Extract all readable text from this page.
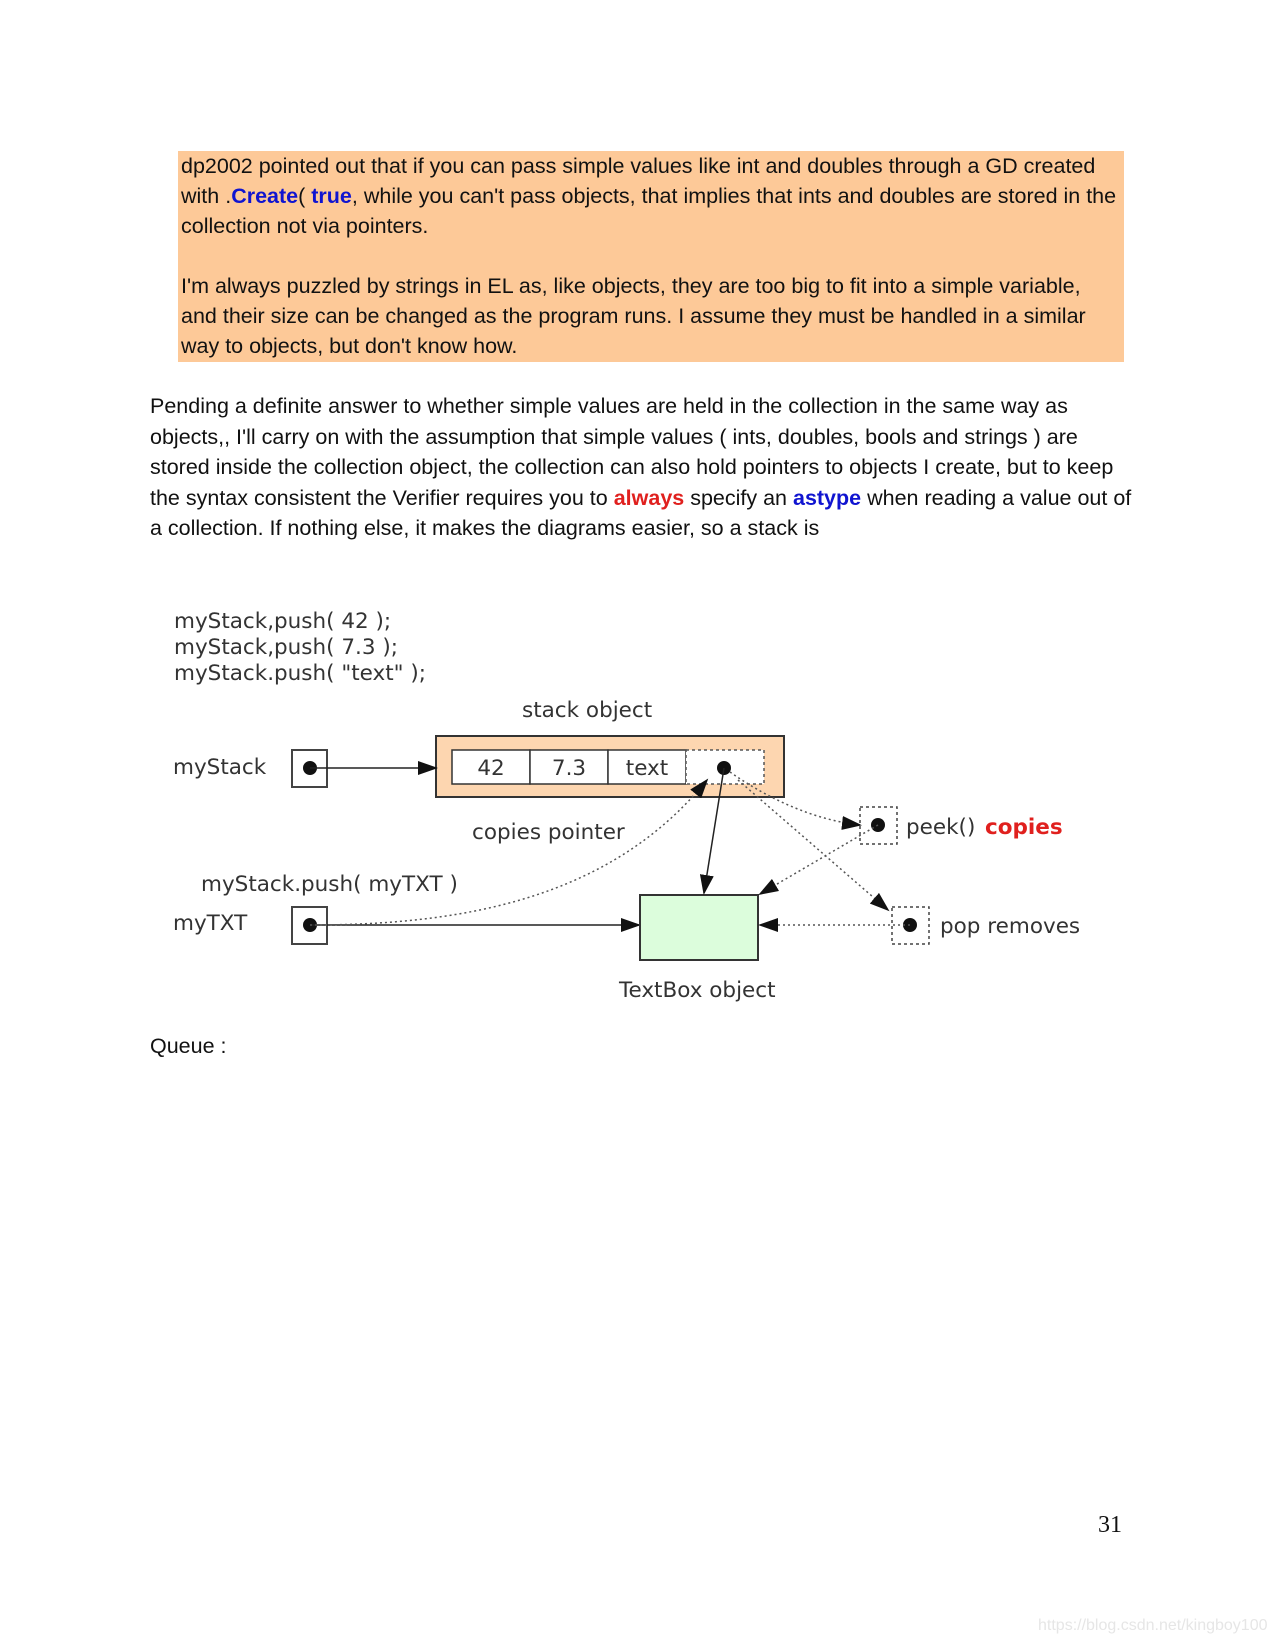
dp2002 pointed out that if you can pass simple values like int and doubles through a GD created with .Create( true, while you can't pass objects, that implies that ints and doubles are stored in the collection not via pointers.

I'm always puzzled by strings in EL as, like objects, they are too big to fit into a simple variable, and their size can be changed as the program runs. I assume they must be handled in a similar way to objects, but don't know how.

Pending a definite answer to whether simple values are held in the collection in the same way as objects,, I'll carry on with the assumption that simple values ( ints, doubles, bools and strings ) are stored inside the collection object, the collection can also hold pointers to objects I create, but to keep the syntax consistent the Verifier requires you to always specify an astype when reading a value out of a collection. If nothing else, it makes the diagrams easier, so a stack is

myStack,push( 42 );
myStack,push( 7.3 );
myStack.push( "text" );
stack object
42 7.3 text
myStack
copies pointer
myStack.push( myTXT )
myTXT
TextBox object
peek() copies
pop removes

Queue :

31
https://blog.csdn.net/kingboy100
